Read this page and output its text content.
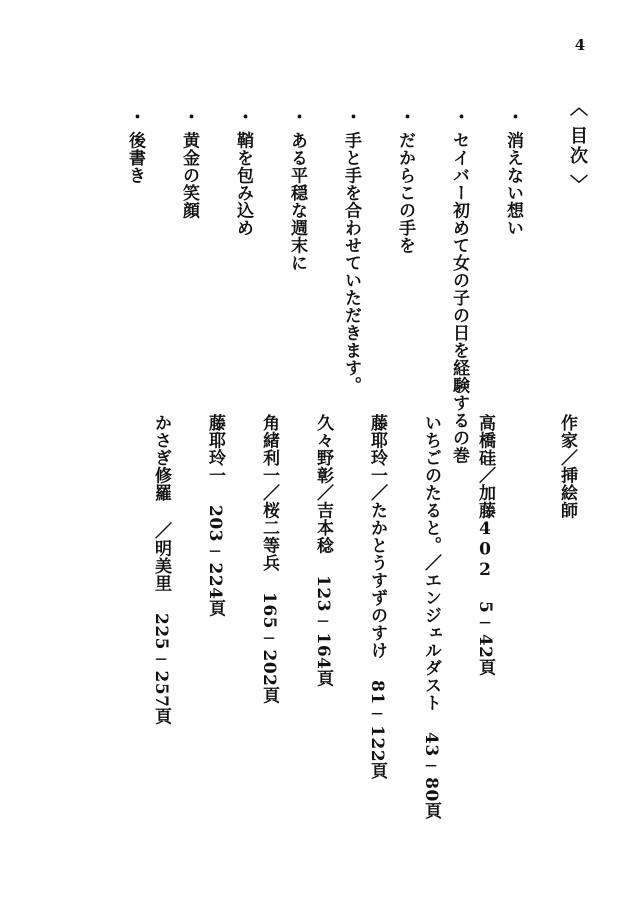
4
〈 目次 〉
・消えない想い
・セイバー初めて女の子の日を経験するの巻
・だからこの手を
・手と手を合わせていただきます。
・ある平穏な週末に
・鞘を包み込め
・黄金の笑顔
・後書き
作家／挿絵師
高橋硅／加藤402 5─42頁
いちごのたると。／エンジェルダスト 43─80頁
藤耶玲一／たかとうすずのすけ 81─122頁
久々野彰／吉本稔 123─164頁
角緒利一／桜二等兵 165─202頁
藤耶玲一 203─224頁
かさぎ修羅 ／明美里 225─257頁
